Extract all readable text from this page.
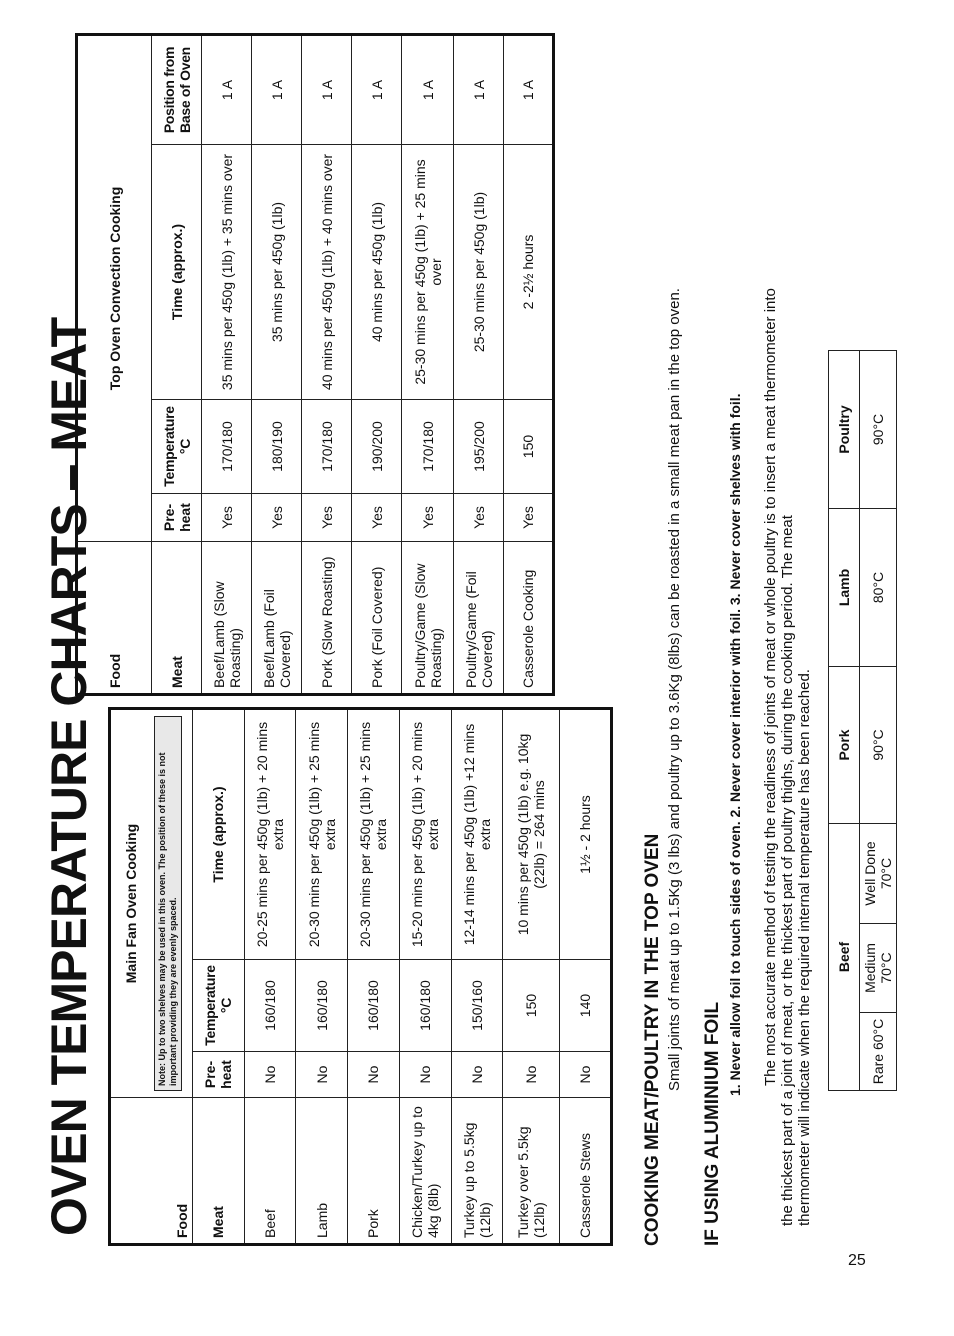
OVEN TEMPERATURE CHARTS – MEAT	Food	Main Fan Oven Cooking		

	Note: Up to two shelves may be used in this oven. The position of these is not important providing they are evenly spaced.		

Meat	Pre-heat	Temperature °C	Time (approx.)
Beef	No	160/180	20-25 mins per 450g (1lb) + 20 mins extra
Lamb	No	160/180	20-30 mins per 450g (1lb) + 25 mins extra
Pork	No	160/180	20-30 mins per 450g (1lb) + 25 mins extra
Chicken/Turkey up to 4kg (8lb)	No	160/180	15-20 mins per 450g (1lb) + 20 mins extra
Turkey up to 5.5kg (12lb)	No	150/160	12-14 mins per 450g (1lb) +12 mins extra
Turkey over 5.5kg (12lb)	No	150	10 mins per 450g (1lb) e.g. 10kg (22lb) = 264 mins
Casserole Stews	No	140	1½ - 2 hours
Food	Top Oven Convection Cooking			
Meat	Pre-heat	Temperature °C	Time (approx.)	Position from Base of Oven
Beef/Lamb (Slow Roasting)	Yes	170/180	35 mins per 450g (1lb) + 35 mins over	1 A
Beef/Lamb (Foil Covered)	Yes	180/190	35 mins per 450g (1lb)	1 A
Pork (Slow Roasting)	Yes	170/180	40 mins per 450g (1lb) + 40 mins over	1 A
Pork (Foil Covered)	Yes	190/200	40 mins per 450g (1lb)	1 A
Poultry/Game (Slow Roasting)	Yes	170/180	25-30 mins per 450g (1lb) + 25 mins over	1 A
Poultry/Game (Foil Covered)	Yes	195/200	25-30 mins per 450g (1lb)	1 A
Casserole Cooking	Yes	150	2 -2½ hours	1 A
COOKING MEAT/POULTRY IN THE TOP OVEN Small joints of meat up to 1.5Kg (3 lbs) and poultry up to 3.6Kg (8lbs) can be roasted in a small meat pan in the top oven.
IF USING ALUMINIUM FOIL
1. Never allow foil to touch sides of oven. 2. Never cover interior with foil. 3. Never cover shelves with foil. The most accurate method of testing the readiness of joints of meat or whole poultry is to insert a meat thermometer into the thickest part of a joint of meat, or the thickest part of poultry thighs, during the cooking period. The meat thermometer will indicate when the required internal temperature has been reached. Beef			Pork	Lamb	Poultry
Rare 60°C	Medium 70°C	Well Done 70°C	90°C	80°C	90°C
25
